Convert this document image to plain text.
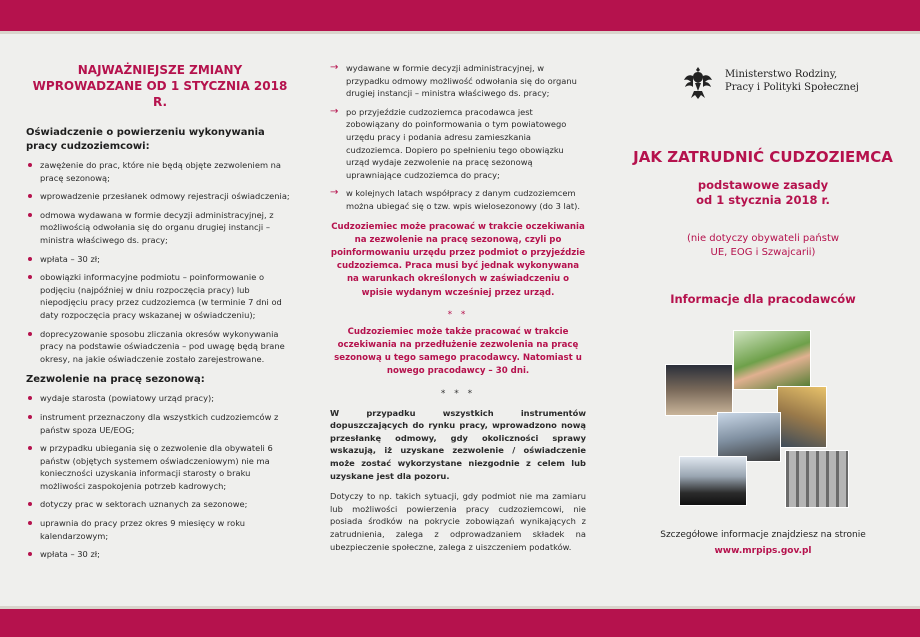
NAJWAŻNIEJSZE ZMIANY
WPROWADZANE OD 1 STYCZNIA 2018 R.
Oświadczenie o powierzeniu wykonywania pracy cudzoziemcowi:
zawężenie do prac, które nie będą objęte zezwoleniem na pracę sezonową;
wprowadzenie przesłanek odmowy rejestracji oświadczenia;
odmowa wydawana w formie decyzji administracyjnej, z możliwością odwołania się do organu drugiej instancji – ministra właściwego ds. pracy;
wpłata – 30 zł;
obowiązki informacyjne podmiotu – poinformowanie o podjęciu (najpóźniej w dniu rozpoczęcia pracy) lub niepodjęciu pracy przez cudzoziemca (w terminie 7 dni od daty rozpoczęcia pracy wskazanej w oświadczeniu);
doprecyzowanie sposobu zliczania okresów wykonywania pracy na podstawie oświadczenia – pod uwagę będą brane okresy, na jakie oświadczenie zostało zarejestrowane.
Zezwolenie na pracę sezonową:
wydaje starosta (powiatowy urząd pracy);
instrument przeznaczony dla wszystkich cudzoziemców z państw spoza UE/EOG;
w przypadku ubiegania się o zezwolenie dla obywateli 6 państw (objętych systemem oświadczeniowym) nie ma konieczności uzyskania informacji starosty o braku możliwości zaspokojenia potrzeb kadrowych;
dotyczy prac w sektorach uznanych za sezonowe;
uprawnia do pracy przez okres 9 miesięcy w roku kalendarzowym;
wpłata – 30 zł;
→ wydawane w formie decyzji administracyjnej, w przypadku odmowy możliwość odwołania się do organu drugiej instancji – ministra właściwego ds. pracy;
→ po przyjeździe cudzoziemca pracodawca jest zobowiązany do poinformowania o tym powiatowego urzędu pracy i podania adresu zamieszkania cudzoziemca. Dopiero po spełnieniu tego obowiązku urząd wydaje zezwolenie na pracę sezonową uprawniające cudzoziemca do pracy;
→ w kolejnych latach współpracy z danym cudzoziemcem można ubiegać się o tzw. wpis wielosezonowy (do 3 lat).
Cudzoziemiec może pracować w trakcie oczekiwania na zezwolenie na pracę sezonową, czyli po poinformowaniu urzędu przez podmiot o przyjeździe cudzoziemca. Praca musi być jednak wykonywana na warunkach określonych w zaświadczeniu o wpisie wydanym wcześniej przez urząd.
* *
Cudzoziemiec może także pracować w trakcie oczekiwania na przedłużenie zezwolenia na pracę sezonową u tego samego pracodawcy. Natomiast u nowego pracodawcy – 30 dni.
* * *
W przypadku wszystkich instrumentów dopuszczających do rynku pracy, wprowadzono nową przesłankę odmowy, gdy okoliczności sprawy wskazują, iż uzyskane zezwolenie / oświadczenie może zostać wykorzystane niezgodnie z celem lub uzyskane jest dla pozoru.
Dotyczy to np. takich sytuacji, gdy podmiot nie ma zamiaru lub możliwości powierzenia pracy cudzoziemcowi, nie posiada środków na pokrycie zobowiązań wynikających z zatrudnienia, zalega z odprowadzaniem składek na ubezpieczenie społeczne, zalega z uiszczeniem podatków.
Ministerstwo Rodziny,
Pracy i Polityki Społecznej
JAK ZATRUDNIĆ CUDZOZIEMCA
podstawowe zasady
od 1 stycznia 2018 r.
(nie dotyczy obywateli państw
UE, EOG i Szwajcarii)
Informacje dla pracodawców
Szczegółowe informacje znajdziesz na stronie
www.mrpips.gov.pl
